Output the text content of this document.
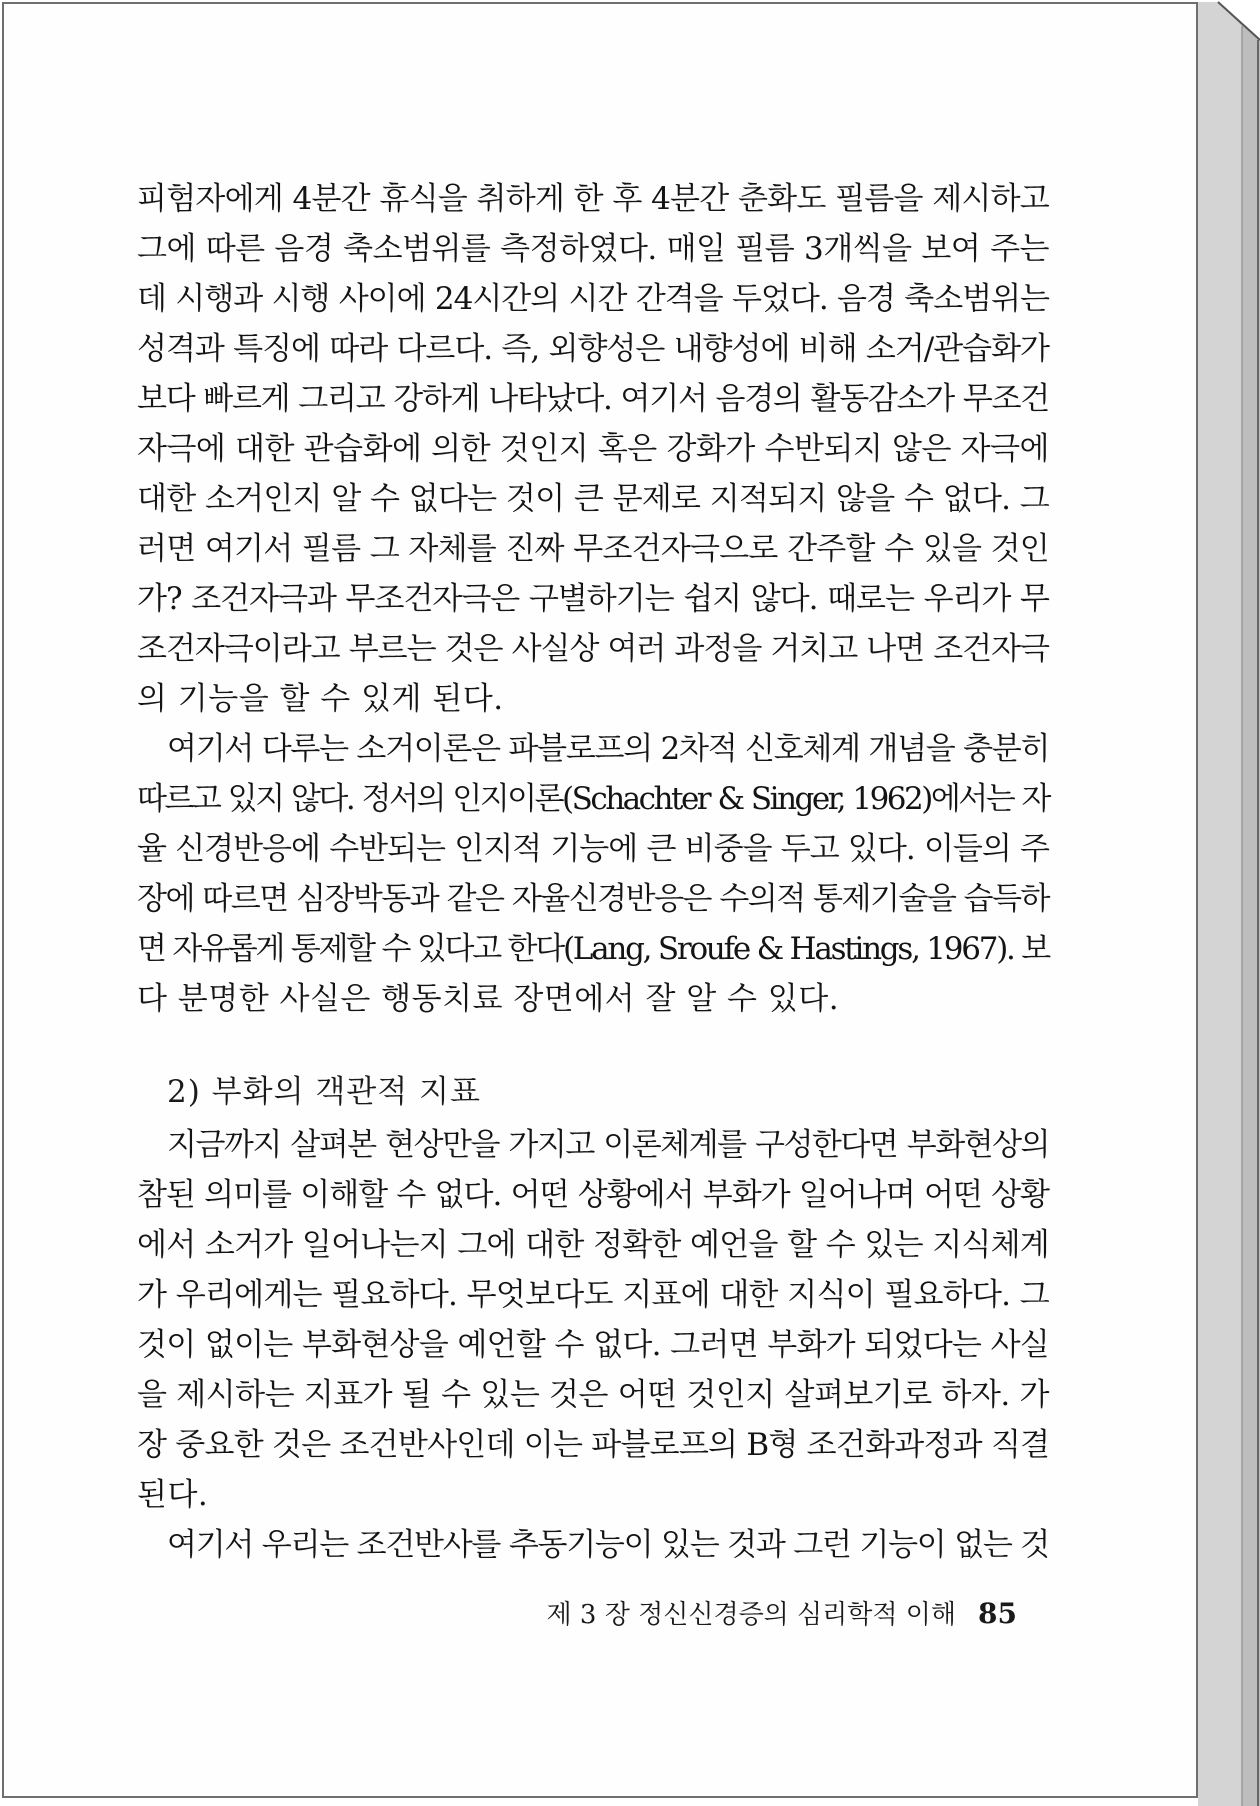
피험자에게 4분간 휴식을 취하게 한 후 4분간 춘화도 필름을 제시하고
그에 따른 음경 축소범위를 측정하였다. 매일 필름 3개씩을 보여 주는
데 시행과 시행 사이에 24시간의 시간 간격을 두었다. 음경 축소범위는
성격과 특징에 따라 다르다. 즉, 외향성은 내향성에 비해 소거/관습화가
보다 빠르게 그리고 강하게 나타났다. 여기서 음경의 활동감소가 무조건
자극에 대한 관습화에 의한 것인지 혹은 강화가 수반되지 않은 자극에
대한 소거인지 알 수 없다는 것이 큰 문제로 지적되지 않을 수 없다. 그
러면 여기서 필름 그 자체를 진짜 무조건자극으로 간주할 수 있을 것인
가? 조건자극과 무조건자극은 구별하기는 쉽지 않다. 때로는 우리가 무
조건자극이라고 부르는 것은 사실상 여러 과정을 거치고 나면 조건자극
의 기능을 할 수 있게 된다.
여기서 다루는 소거이론은 파블로프의 2차적 신호체계 개념을 충분히
따르고 있지 않다. 정서의 인지이론(Schachter & Singer, 1962)에서는 자
율 신경반응에 수반되는 인지적 기능에 큰 비중을 두고 있다. 이들의 주
장에 따르면 심장박동과 같은 자율신경반응은 수의적 통제기술을 습득하
면 자유롭게 통제할 수 있다고 한다(Lang, Sroufe & Hastings, 1967). 보
다 분명한 사실은 행동치료 장면에서 잘 알 수 있다.
2) 부화의 객관적 지표
지금까지 살펴본 현상만을 가지고 이론체계를 구성한다면 부화현상의
참된 의미를 이해할 수 없다. 어떤 상황에서 부화가 일어나며 어떤 상황
에서 소거가 일어나는지 그에 대한 정확한 예언을 할 수 있는 지식체계
가 우리에게는 필요하다. 무엇보다도 지표에 대한 지식이 필요하다. 그
것이 없이는 부화현상을 예언할 수 없다. 그러면 부화가 되었다는 사실
을 제시하는 지표가 될 수 있는 것은 어떤 것인지 살펴보기로 하자. 가
장 중요한 것은 조건반사인데 이는 파블로프의 B형 조건화과정과 직결
된다.
여기서 우리는 조건반사를 추동기능이 있는 것과 그런 기능이 없는 것
제 3 장 정신신경증의 심리학적 이해 85
